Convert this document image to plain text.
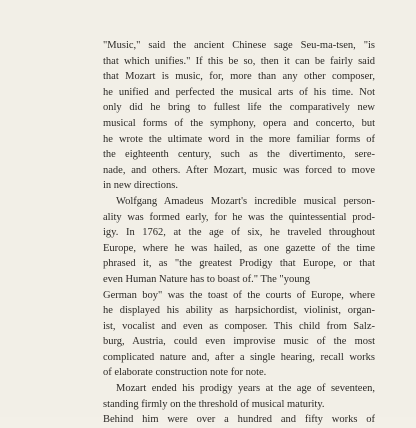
"Music," said the ancient Chinese sage Seu-ma-tsen, "is
that which unifies." If this be so, then it can be fairly said
that Mozart is music, for, more than any other composer,
he unified and perfected the musical arts of his time. Not
only did he bring to fullest life the comparatively new
musical forms of the symphony, opera and concerto, but
he wrote the ultimate word in the more familiar forms of
the eighteenth century, such as the divertimento, sere-
nade, and others. After Mozart, music was forced to move
in new directions.
Wolfgang Amadeus Mozart's incredible musical person-
ality was formed early, for he was the quintessential prod-
igy. In 1762, at the age of six, he traveled throughout
Europe, where he was hailed, as one gazette of the time
phrased it, as "the greatest Prodigy that Europe, or that
even Human Nature has to boast of." The "young
German boy" was the toast of the courts of Europe, where
he displayed his ability as harpsichordist, violinist, organ-
ist, vocalist and even as composer. This child from Salz-
burg, Austria, could even improvise music of the most
complicated nature and, after a single hearing, recall works
of elaborate construction note for note.
Mozart ended his prodigy years at the age of seventeen,
standing firmly on the threshold of musical maturity.
Behind him were over a hundred and fifty works of
